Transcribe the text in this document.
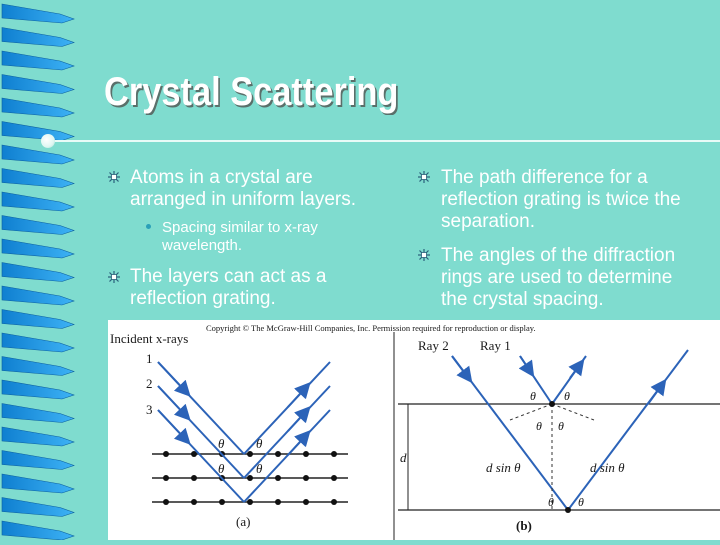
Crystal Scattering
Atoms in a crystal are
arranged in uniform layers.
Spacing similar to x-ray
wavelength.
The layers can act as a
reflection grating.
The path difference for a
reflection grating is twice the
separation.
The angles of the diffraction
rings are used to determine
the crystal spacing.
Copyright © The McGraw-Hill Companies, Inc. Permission required for reproduction or display.
Incident x-rays
1
2
3
θ θ
θ θ
(a)
Ray 2 Ray 1
d
θ θ
θ θ
θ θ
d sin θ	d sin θ
(b)
